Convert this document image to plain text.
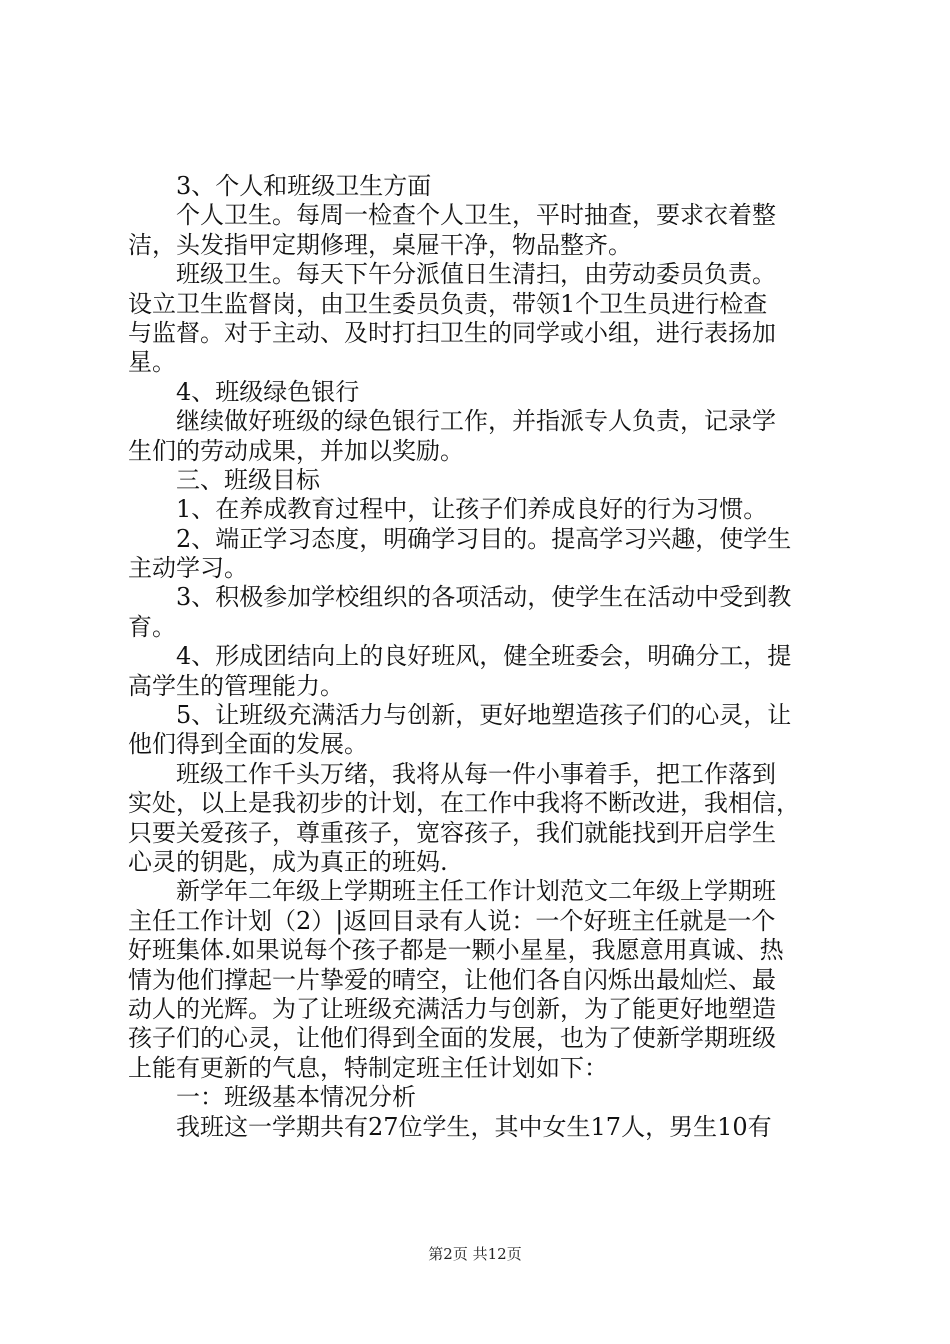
　　3、个人和班级卫生方面
　　个人卫生。每周一检查个人卫生，平时抽查，要求衣着整
洁，头发指甲定期修理，桌屉干净，物品整齐。
　　班级卫生。每天下午分派值日生清扫，由劳动委员负责。
设立卫生监督岗，由卫生委员负责，带领1个卫生员进行检查
与监督。对于主动、及时打扫卫生的同学或小组，进行表扬加
星。
　　4、班级绿色银行
　　继续做好班级的绿色银行工作，并指派专人负责，记录学
生们的劳动成果，并加以奖励。
　　三、班级目标
　　1、在养成教育过程中，让孩子们养成良好的行为习惯。
　　2、端正学习态度，明确学习目的。提高学习兴趣，使学生
主动学习。
　　3、积极参加学校组织的各项活动，使学生在活动中受到教
育。
　　4、形成团结向上的良好班风，健全班委会，明确分工，提
高学生的管理能力。
　　5、让班级充满活力与创新，更好地塑造孩子们的心灵，让
他们得到全面的发展。
　　班级工作千头万绪，我将从每一件小事着手，把工作落到
实处，以上是我初步的计划，在工作中我将不断改进，我相信，
只要关爱孩子，尊重孩子，宽容孩子，我们就能找到开启学生
心灵的钥匙，成为真正的班妈.
　　新学年二年级上学期班主任工作计划范文二年级上学期班
主任工作计划（2）|返回目录有人说：一个好班主任就是一个
好班集体.如果说每个孩子都是一颗小星星，我愿意用真诚、热
情为他们撑起一片挚爱的晴空，让他们各自闪烁出最灿烂、最
动人的光辉。为了让班级充满活力与创新，为了能更好地塑造
孩子们的心灵，让他们得到全面的发展，也为了使新学期班级
上能有更新的气息，特制定班主任计划如下：
　　一：班级基本情况分析
　　我班这一学期共有27位学生，其中女生17人，男生10有
第2页 共12页
